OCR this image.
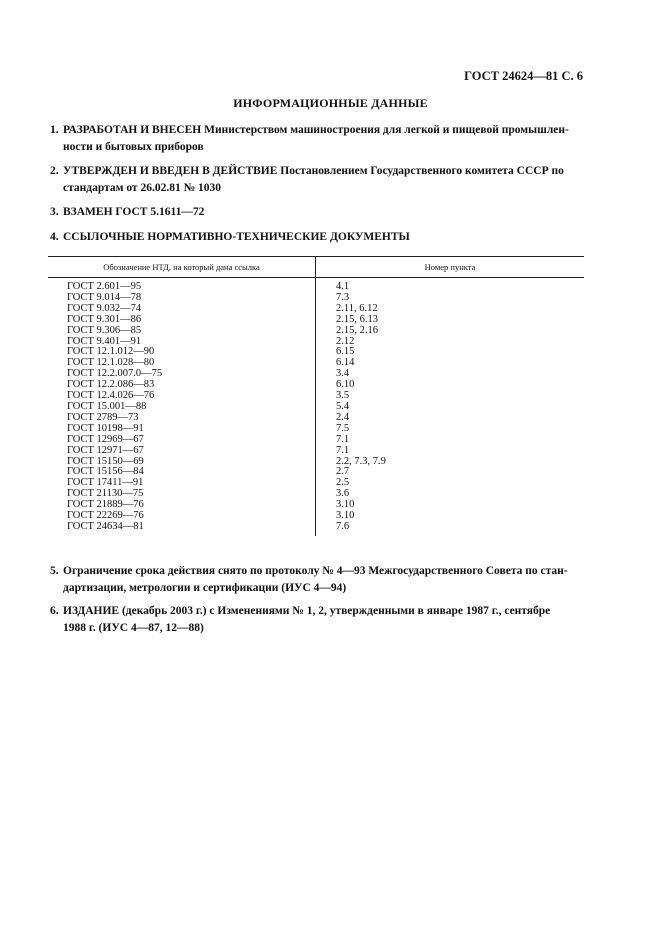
ГОСТ 24624—81 С. 6
ИНФОРМАЦИОННЫЕ ДАННЫЕ
1. РАЗРАБОТАН И ВНЕСЕН Министерством машиностроения для легкой и пищевой промышлен-
ности и бытовых приборов
2. УТВЕРЖДЕН И ВВЕДЕН В ДЕЙСТВИЕ Постановлением Государственного комитета СССР по
стандартам от 26.02.81 № 1030
3. ВЗАМЕН ГОСТ 5.1611—72
4. ССЫЛОЧНЫЕ НОРМАТИВНО-ТЕХНИЧЕСКИЕ ДОКУМЕНТЫ
Обозначение НТД, на который дана ссылка	Номер пункта
ГОСТ 2.601—95
ГОСТ 9.014—78
ГОСТ 9.032—74
ГОСТ 9.301—86
ГОСТ 9.306—85
ГОСТ 9.401—91
ГОСТ 12.1.012—90
ГОСТ 12.1.028—80
ГОСТ 12.2.007.0—75
ГОСТ 12.2.086—83
ГОСТ 12.4.026—76
ГОСТ 15.001—88
ГОСТ 2789—73
ГОСТ 10198—91
ГОСТ 12969—67
ГОСТ 12971—67
ГОСТ 15150—69
ГОСТ 15156—84
ГОСТ 17411—91
ГОСТ 21130—75
ГОСТ 21889—76
ГОСТ 22269—76
ГОСТ 24634—81
4.1
7.3
2.11, 6.12
2.15, 6.13
2.15, 2.16
2.12
6.15
6.14
3.4
6.10
3.5
5.4
2.4
7.5
7.1
7.1
2.2, 7.3, 7.9
2.7
2.5
3.6
3.10
3.10
7.6
5. Ограничение срока действия снято по протоколу № 4—93 Межгосударственного Совета по стан-
дартизации, метрологии и сертификации (ИУС 4—94)
6. ИЗДАНИЕ (декабрь 2003 г.) с Изменениями № 1, 2, утвержденными в январе 1987 г., сентябре
1988 г. (ИУС 4—87, 12—88)
